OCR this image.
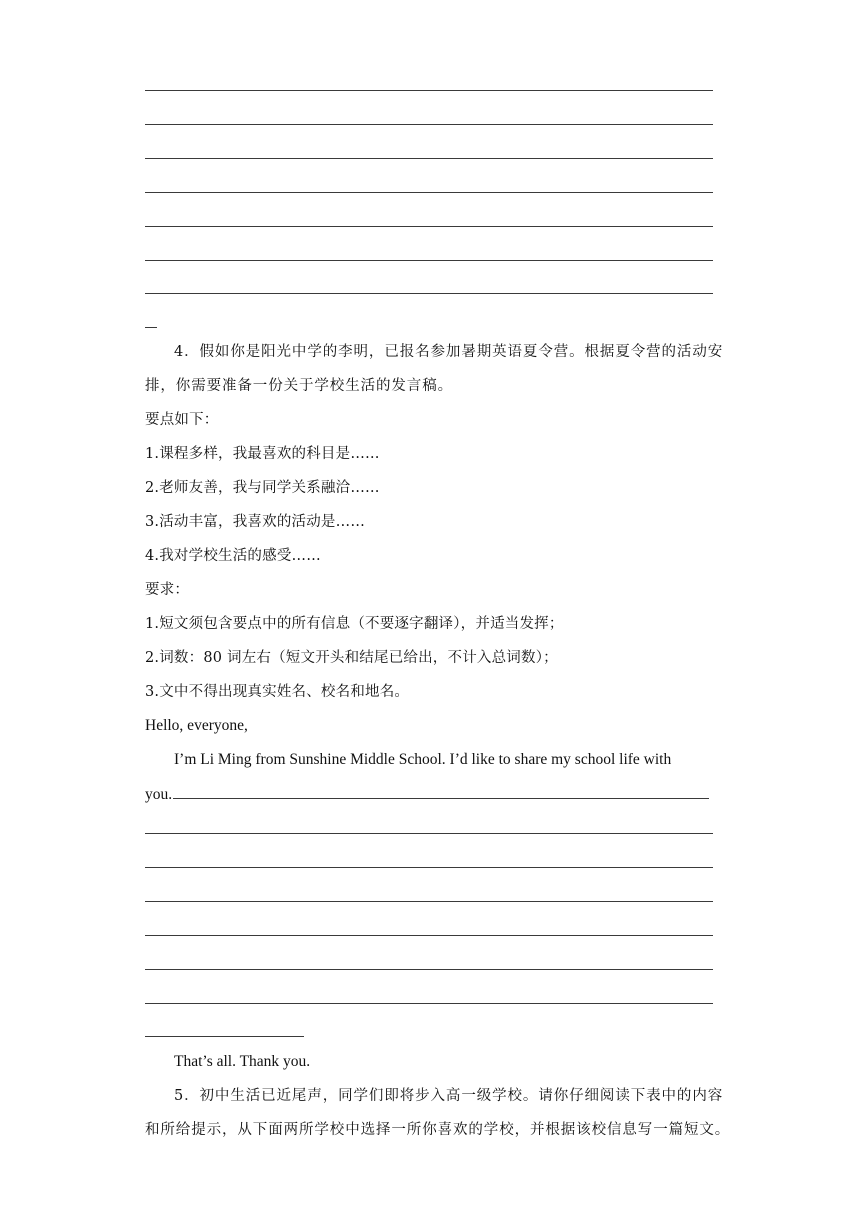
4．假如你是阳光中学的李明，已报名参加暑期英语夏令营。根据夏令营的活动安
排，你需要准备一份关于学校生活的发言稿。
要点如下：
1.课程多样，我最喜欢的科目是……
2.老师友善，我与同学关系融洽……
3.活动丰富，我喜欢的活动是……
4.我对学校生活的感受……
要求：
1.短文须包含要点中的所有信息（不要逐字翻译），并适当发挥；
2.词数：80 词左右（短文开头和结尾已给出，不计入总词数）；
3.文中不得出现真实姓名、校名和地名。
Hello, everyone,
I’m Li Ming from Sunshine Middle School. I’d like to share my school life with
you.
That’s all. Thank you.
5．初中生活已近尾声，同学们即将步入高一级学校。请你仔细阅读下表中的内容
和所给提示，从下面两所学校中选择一所你喜欢的学校，并根据该校信息写一篇短文。
